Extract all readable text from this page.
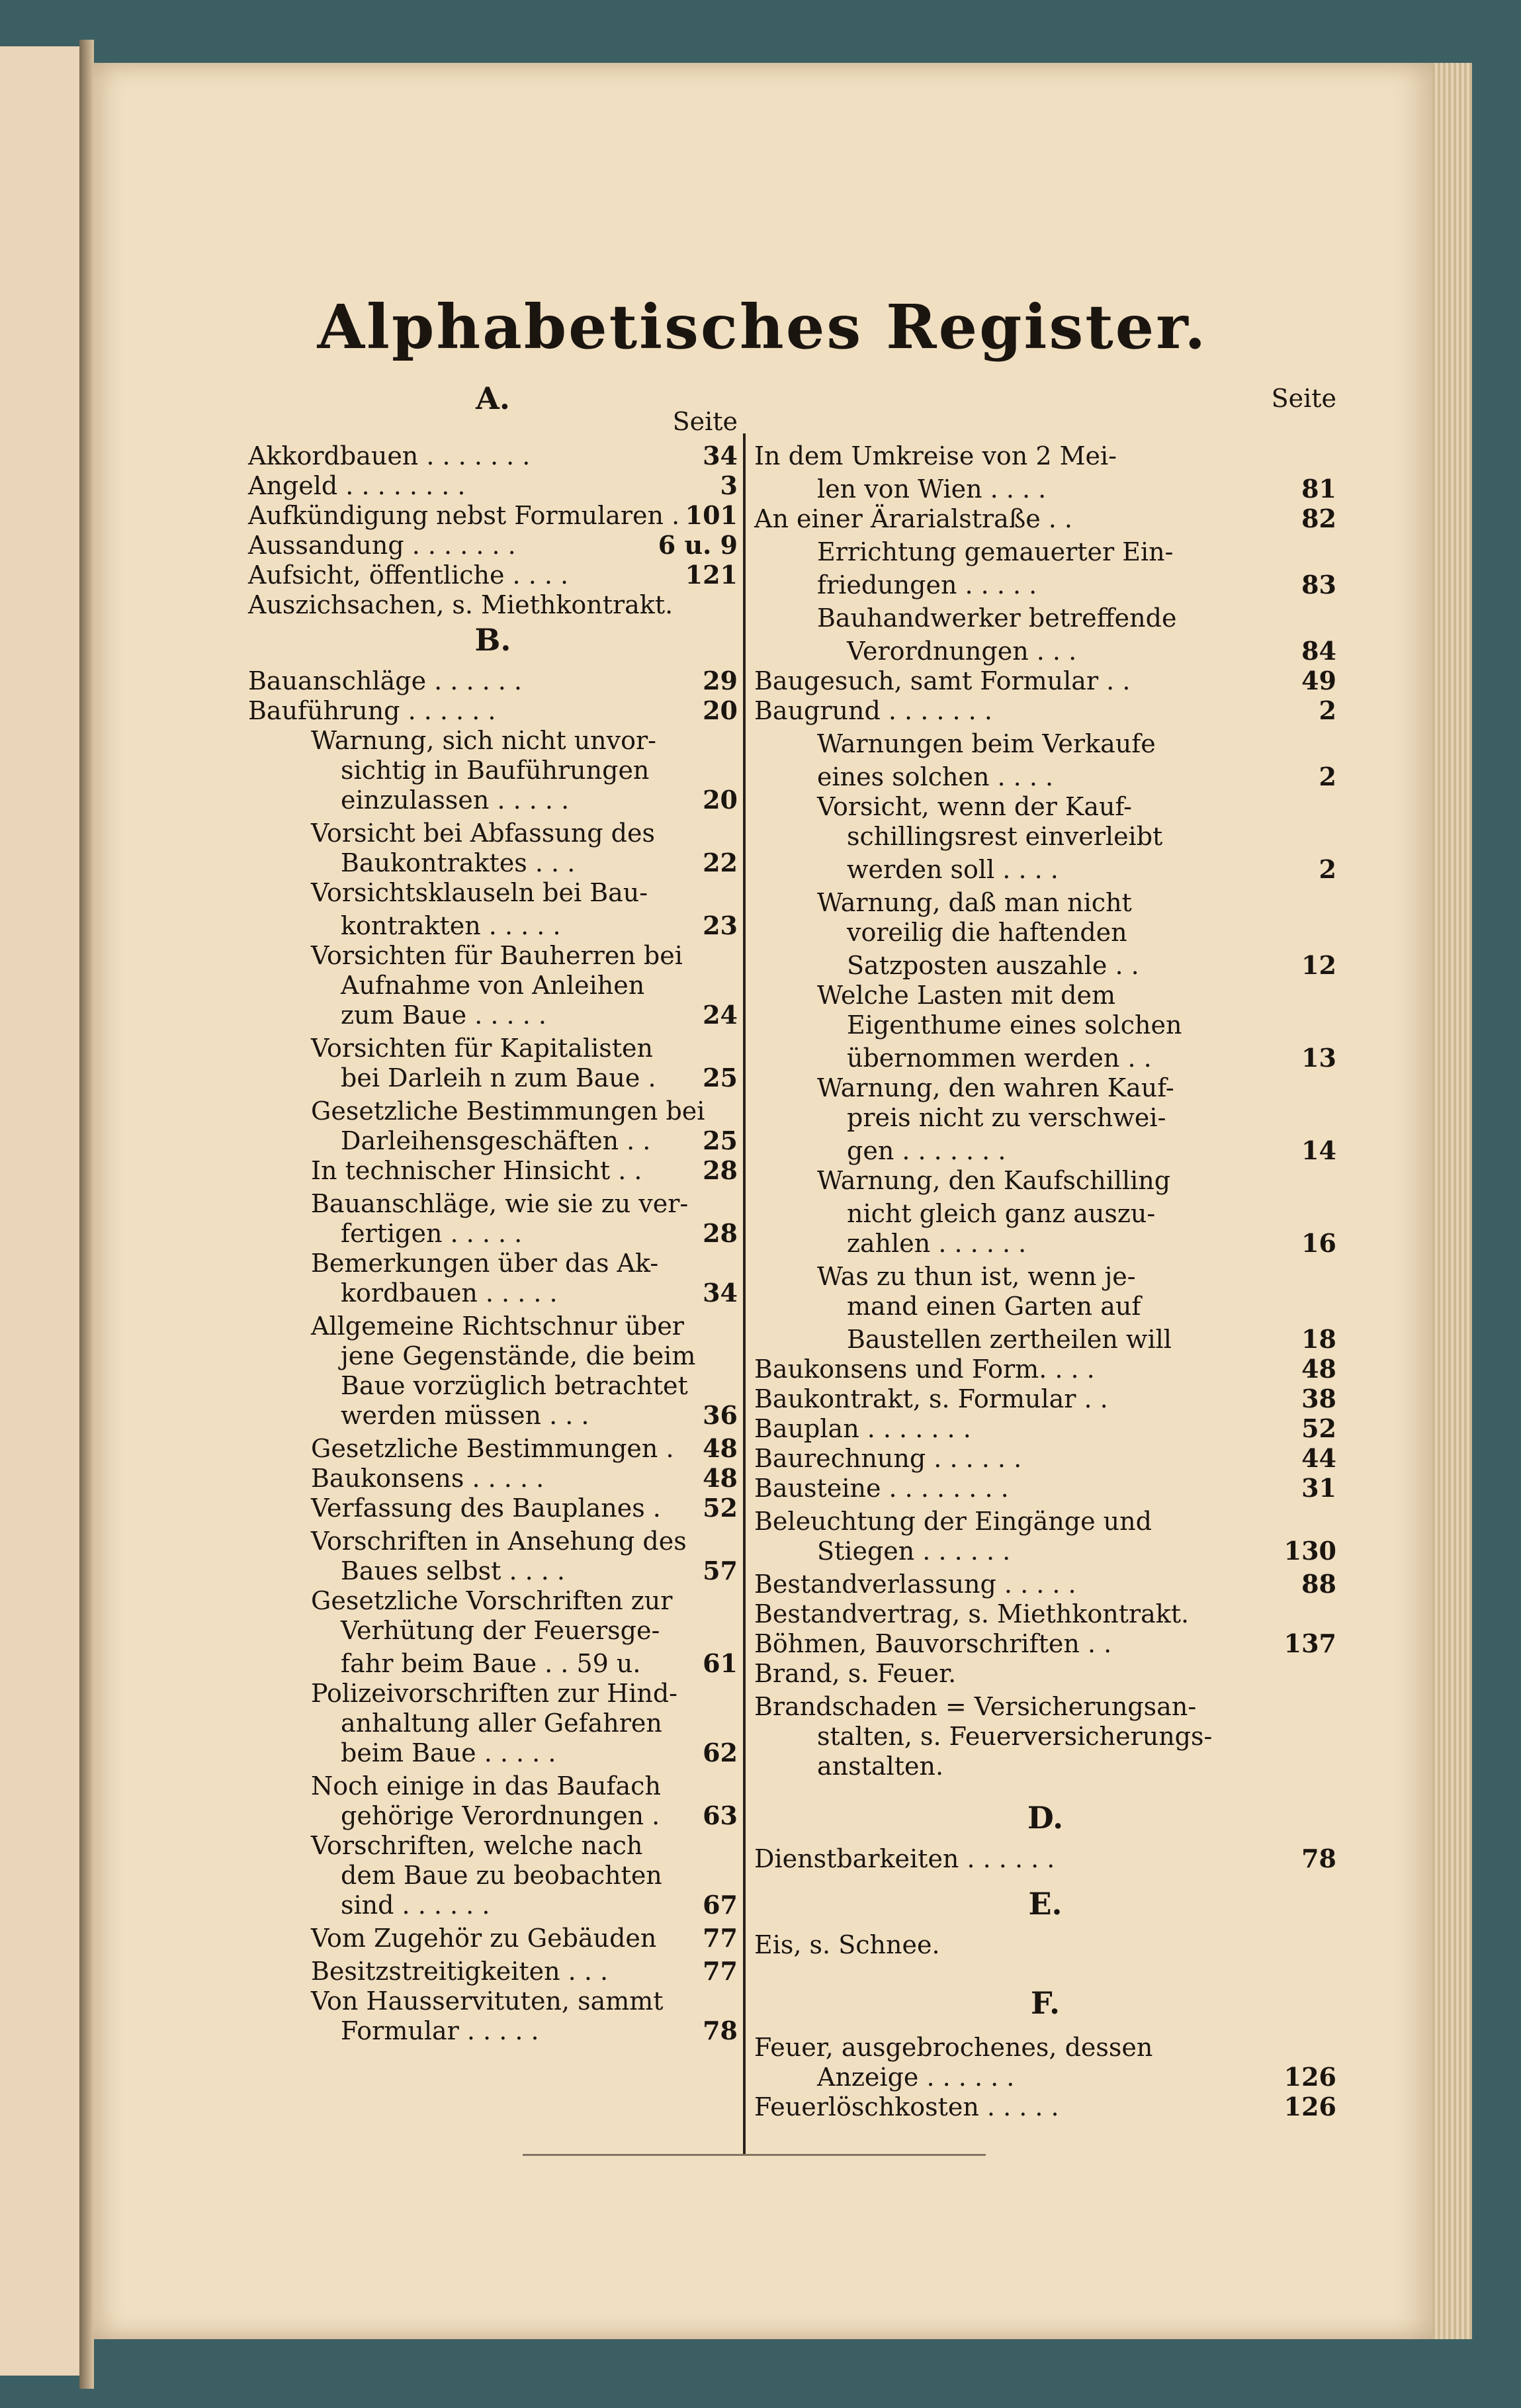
Alphabetisches Register.
A.
Seite
Akkordbauen . . . . . . .	34
Angeld . . . . . . . .	3
Aufkündigung nebst Formularen . 101
Aussandung . . . . . . .	6 u. 9
Aufsicht, öffentliche . . . .	121
Auszichsachen, s. Miethkontrakt.
Bauanschläge . . . . . .	29
Bauführung . . . . . .	20
Warnung, sich nicht unvor-
sichtig in Bauführungen
einzulassen . . . . .	20
Vorsicht bei Abfassung des
Baukontraktes . . .	22
Vorsichtsklauseln bei Bau-
kontrakten . . . . .	23
Vorsichten für Bauherren bei
Aufnahme von Anleihen
zum Baue . . . . .	24
Vorsichten für Kapitalisten
bei Darleih n zum Baue . 25
Gesetzliche Bestimmungen bei
Darleihensgeschäften . . 25
In technischer Hinsicht . . 28
Bauanschläge, wie sie zu ver-
fertigen . . . . .	28
Bemerkungen über das Ak-
kordbauen . . . . .	34
Allgemeine Richtschnur über
jene Gegenstände, die beim
Baue vorzüglich betrachtet
werden müssen . . .	36
Gesetzliche Bestimmungen . 48
Baukonsens . . . . .	48
Verfassung des Bauplanes . 52
Vorschriften in Ansehung des
Baues selbst . . . .	57
Gesetzliche Vorschriften zur
Verhütung der Feuersge-
fahr beim Baue . . 59 u. 61
Polizeivorschriften zur Hind-
anhaltung aller Gefahren
beim Baue . . . . .	62
Noch einige in das Baufach
gehörige Verordnungen . 63
Vorschriften, welche nach
dem Baue zu beobachten
sind . . . . . .	67
Vom Zugehör zu Gebäuden 77
Besitzstreitigkeiten . . .	77
Von Hausservituten, sammt
Formular . . . . .	78
B.
Seite
In dem Umkreise von 2 Mei-
len von Wien . . . .	81
An einer Ärarialstraße . .	82
Errichtung gemauerter Ein-
friedungen . . . . .	83
Bauhandwerker betreffende
Verordnungen . . .	84
Baugesuch, samt Formular . .	49
Baugrund . . . . . . .	2
Warnungen beim Verkaufe
eines solchen . . . .	2
Vorsicht, wenn der Kauf-
schillingsrest einverleibt
werden soll . . . .	2
Warnung, daß man nicht
voreilig die haftenden
Satzposten auszahle . .	12
Welche Lasten mit dem
Eigenthume eines solchen
übernommen werden . .	13
Warnung, den wahren Kauf-
preis nicht zu verschwei-
gen . . . . . . .	14
Warnung, den Kaufschilling
nicht gleich ganz auszu-
zahlen . . . . . .	16
Was zu thun ist, wenn je-
mand einen Garten auf
Baustellen zertheilen will	18
Baukonsens und Form. . . .	48
Baukontrakt, s. Formular . .	38
Bauplan . . . . . . .	52
Baurechnung . . . . . .	44
Bausteine . . . . . . . .	31
Beleuchtung der Eingänge und
Stiegen . . . . . .	130
Bestandverlassung . . . . .	88
Bestandvertrag, s. Miethkontrakt.
Böhmen, Bauvorschriften . .	137
Brand, s. Feuer.
Brandschaden = Versicherungsan-
stalten, s. Feuerversicherungs-
anstalten.
Dienstbarkeiten . . . . . .	78
Eis, s. Schnee.
Feuer, ausgebrochenes, dessen
Anzeige . . . . . .	126
Feuerlöschkosten . . . . .	126
D.
E.
F.
